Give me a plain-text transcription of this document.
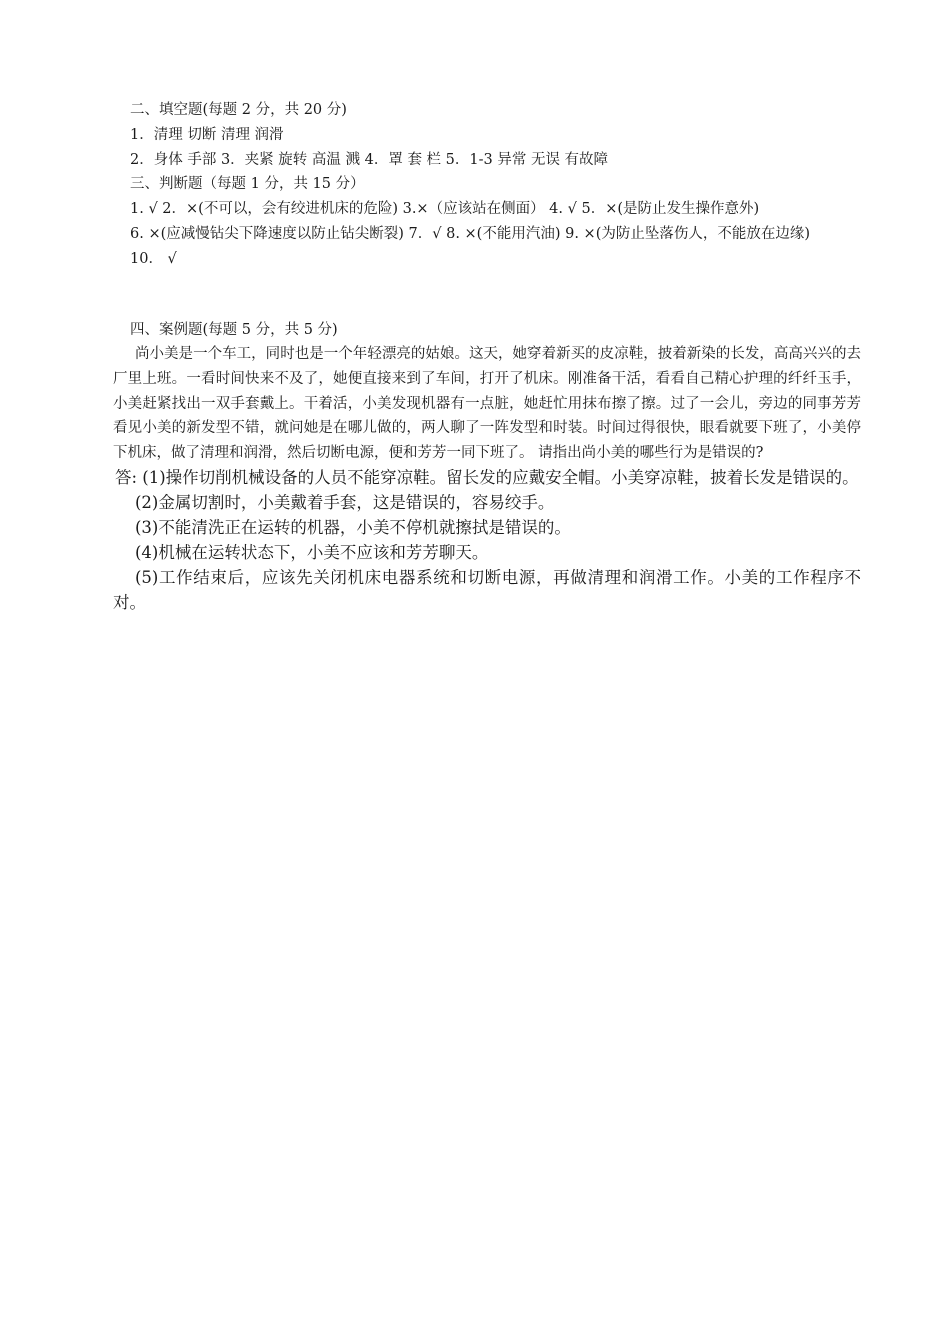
二、填空题(每题 2 分，共 20 分)
1．清理 切断 清理 润滑
2．身体 手部 3．夹紧 旋转 高温 溅 4．罩 套 栏 5．1-3 异常 无误 有故障
三、判断题（每题 1 分，共 15 分）
1. √ 2．×(不可以，会有绞进机床的危险) 3.×（应该站在侧面） 4. √ 5．×(是防止发生操作意外)
6. ×(应减慢钻尖下降速度以防止钻尖断裂) 7．√ 8. ×(不能用汽油) 9. ×(为防止坠落伤人，不能放在边缘)
10． √
四、案例题(每题 5 分，共 5 分)
尚小美是一个车工，同时也是一个年轻漂亮的姑娘。这天，她穿着新买的皮凉鞋，披着新染的长发，高高兴兴的去厂里上班。一看时间快来不及了，她便直接来到了车间，打开了机床。刚准备干活，看看自己精心护理的纤纤玉手，小美赶紧找出一双手套戴上。干着活，小美发现机器有一点脏，她赶忙用抹布擦了擦。过了一会儿，旁边的同事芳芳看见小美的新发型不错，就问她是在哪儿做的，两人聊了一阵发型和时装。时间过得很快，眼看就要下班了，小美停下机床，做了清理和润滑，然后切断电源，便和芳芳一同下班了。 请指出尚小美的哪些行为是错误的?
答: (1)操作切削机械设备的人员不能穿凉鞋。留长发的应戴安全帽。小美穿凉鞋，披着长发是错误的。
(2)金属切割时，小美戴着手套，这是错误的，容易绞手。
(3)不能清洗正在运转的机器，小美不停机就擦拭是错误的。
(4)机械在运转状态下，小美不应该和芳芳聊天。
(5)工作结束后，应该先关闭机床电器系统和切断电源，再做清理和润滑工作。小美的工作程序不对。
